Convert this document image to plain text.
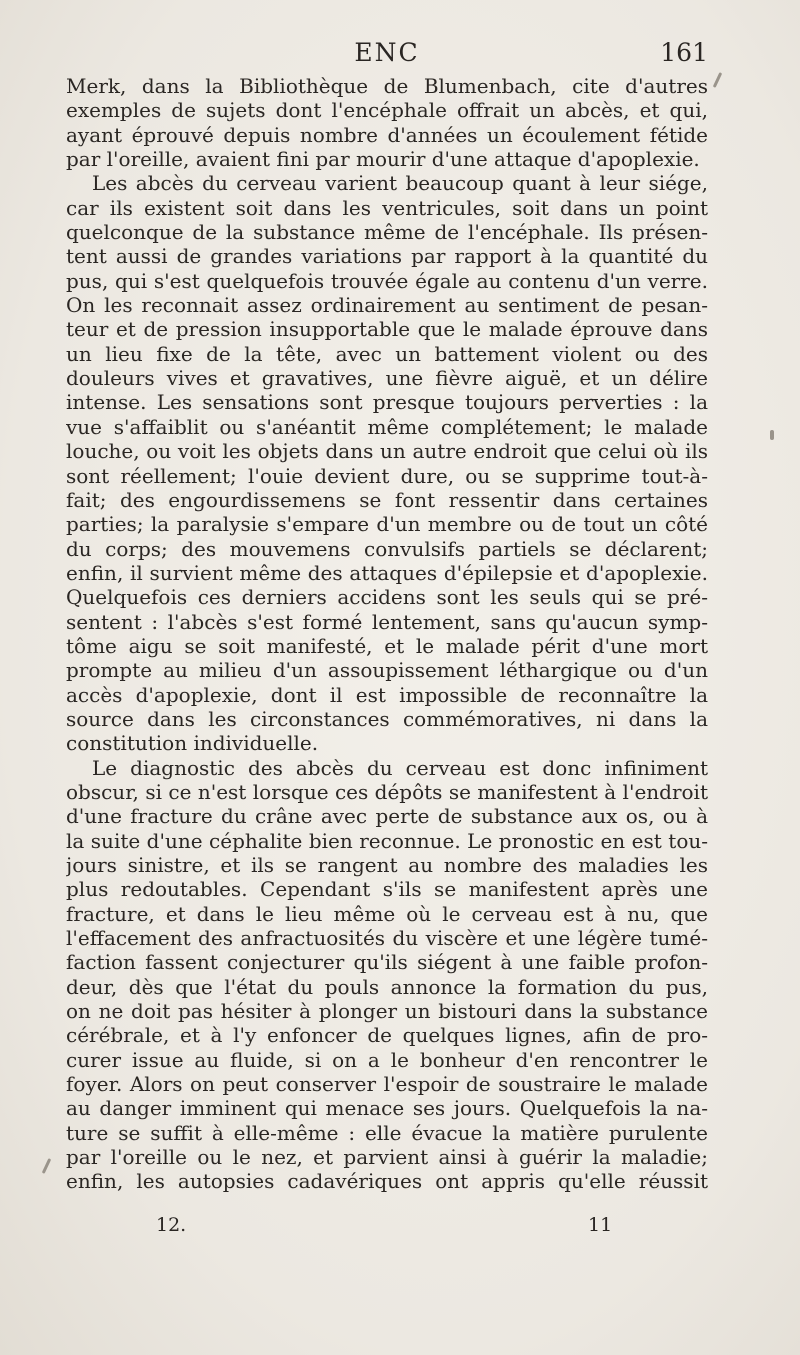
ENC	161
Merk, dans la Bibliothèque de Blumenbach, cite d'autres
exemples de sujets dont l'encéphale offrait un abcès, et qui,
ayant éprouvé depuis nombre d'années un écoulement fétide
par l'oreille, avaient fini par mourir d'une attaque d'apoplexie.
Les abcès du cerveau varient beaucoup quant à leur siége,
car ils existent soit dans les ventricules, soit dans un point
quelconque de la substance même de l'encéphale. Ils présen-
tent aussi de grandes variations par rapport à la quantité du
pus, qui s'est quelquefois trouvée égale au contenu d'un verre.
On les reconnait assez ordinairement au sentiment de pesan-
teur et de pression insupportable que le malade éprouve dans
un lieu fixe de la tête, avec un battement violent ou des
douleurs vives et gravatives, une fièvre aiguë, et un délire
intense. Les sensations sont presque toujours perverties : la
vue s'affaiblit ou s'anéantit même complétement; le malade
louche, ou voit les objets dans un autre endroit que celui où ils
sont réellement; l'ouie devient dure, ou se supprime tout-à-
fait; des engourdissemens se font ressentir dans certaines
parties; la paralysie s'empare d'un membre ou de tout un côté
du corps; des mouvemens convulsifs partiels se déclarent;
enfin, il survient même des attaques d'épilepsie et d'apoplexie.
Quelquefois ces derniers accidens sont les seuls qui se pré-
sentent : l'abcès s'est formé lentement, sans qu'aucun symp-
tôme aigu se soit manifesté, et le malade périt d'une mort
prompte au milieu d'un assoupissement léthargique ou d'un
accès d'apoplexie, dont il est impossible de reconnaître la
source dans les circonstances commémoratives, ni dans la
constitution individuelle.
Le diagnostic des abcès du cerveau est donc infiniment
obscur, si ce n'est lorsque ces dépôts se manifestent à l'endroit
d'une fracture du crâne avec perte de substance aux os, ou à
la suite d'une céphalite bien reconnue. Le pronostic en est tou-
jours sinistre, et ils se rangent au nombre des maladies les
plus redoutables. Cependant s'ils se manifestent après une
fracture, et dans le lieu même où le cerveau est à nu, que
l'effacement des anfractuosités du viscère et une légère tumé-
faction fassent conjecturer qu'ils siégent à une faible profon-
deur, dès que l'état du pouls annonce la formation du pus,
on ne doit pas hésiter à plonger un bistouri dans la substance
cérébrale, et à l'y enfoncer de quelques lignes, afin de pro-
curer issue au fluide, si on a le bonheur d'en rencontrer le
foyer. Alors on peut conserver l'espoir de soustraire le malade
au danger imminent qui menace ses jours. Quelquefois la na-
ture se suffit à elle-même : elle évacue la matière purulente
par l'oreille ou le nez, et parvient ainsi à guérir la maladie;
enfin, les autopsies cadavériques ont appris qu'elle réussit
12.	11
